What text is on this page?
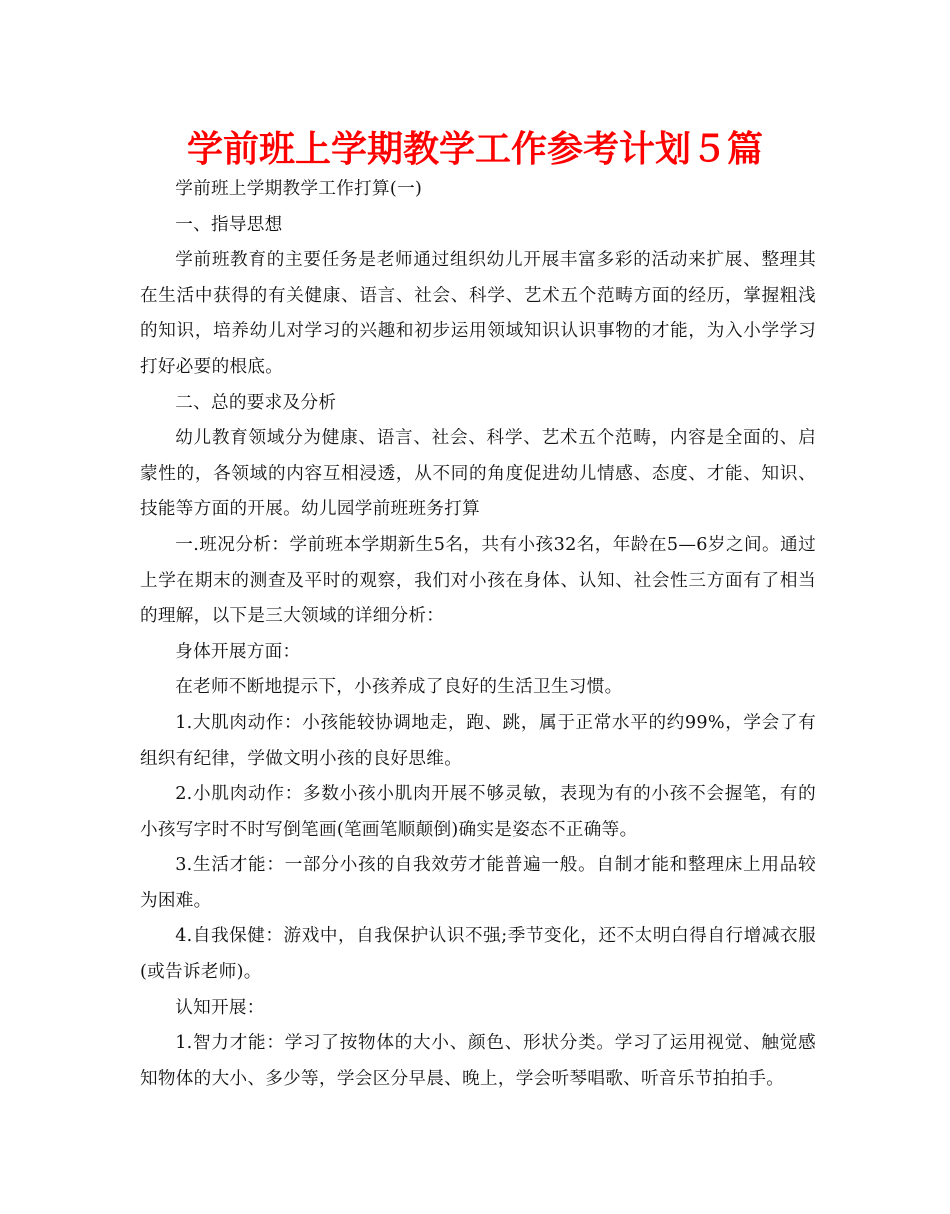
学前班上学期教学工作参考计划５篇

学前班上学期教学工作打算(一)

一、指导思想

学前班教育的主要任务是老师通过组织幼儿开展丰富多彩的活动来扩展、整理其在生活中获得的有关健康、语言、社会、科学、艺术五个范畴方面的经历，掌握粗浅的知识，培养幼儿对学习的兴趣和初步运用领域知识认识事物的才能，为入小学学习打好必要的根底。

二、总的要求及分析

幼儿教育领域分为健康、语言、社会、科学、艺术五个范畴，内容是全面的、启蒙性的，各领域的内容互相浸透，从不同的角度促进幼儿情感、态度、才能、知识、技能等方面的开展。幼儿园学前班班务打算

一.班况分析：学前班本学期新生5名，共有小孩32名，年龄在5—6岁之间。通过上学在期末的测查及平时的观察，我们对小孩在身体、认知、社会性三方面有了相当的理解，以下是三大领域的详细分析：

身体开展方面：

在老师不断地提示下，小孩养成了良好的生活卫生习惯。

1.大肌肉动作：小孩能较协调地走，跑、跳，属于正常水平的约99%，学会了有组织有纪律，学做文明小孩的良好思维。

2.小肌肉动作：多数小孩小肌肉开展不够灵敏，表现为有的小孩不会握笔，有的小孩写字时不时写倒笔画(笔画笔顺颠倒)确实是姿态不正确等。

3.生活才能：一部分小孩的自我效劳才能普遍一般。自制才能和整理床上用品较为困难。

4.自我保健：游戏中，自我保护认识不强;季节变化，还不太明白得自行增减衣服(或告诉老师)。

认知开展：

1.智力才能：学习了按物体的大小、颜色、形状分类。学习了运用视觉、触觉感知物体的大小、多少等，学会区分早晨、晚上，学会听琴唱歌、听音乐节拍拍手。
